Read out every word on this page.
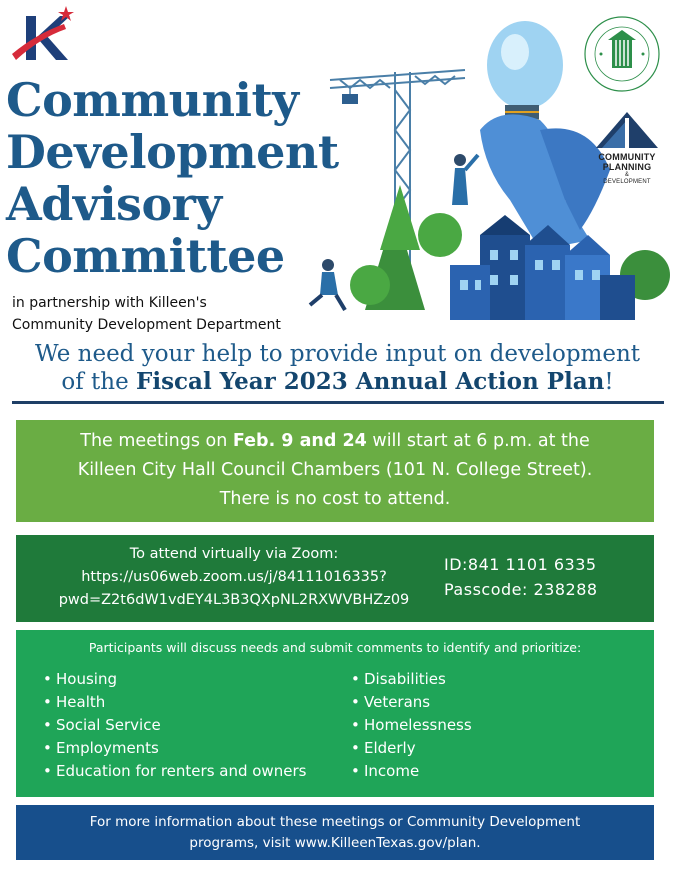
Community
Development
Advisory
Committee
in partnership with Killeen's
Community Development Department
COMMUNITY
PLANNING
&
DEVELOPMENT
We need your help to provide input on development
of the Fiscal Year 2023 Annual Action Plan!
The meetings on Feb. 9 and 24 will start at 6 p.m. at the
Killeen City Hall Council Chambers (101 N. College Street).
There is no cost to attend.
To attend virtually via Zoom:
https://us06web.zoom.us/j/84111016335?
pwd=Z2t6dW1vdEY4L3B3QXpNL2RXWVBHZz09
ID:841 1101 6335
Passcode: 238288
Participants will discuss needs and submit comments to identify and prioritize:
• Housing
• Health
• Social Service
• Employments
• Education for renters and owners
• Disabilities
• Veterans
• Homelessness
• Elderly
• Income
For more information about these meetings or Community Development
programs, visit www.KilleenTexas.gov/plan.
